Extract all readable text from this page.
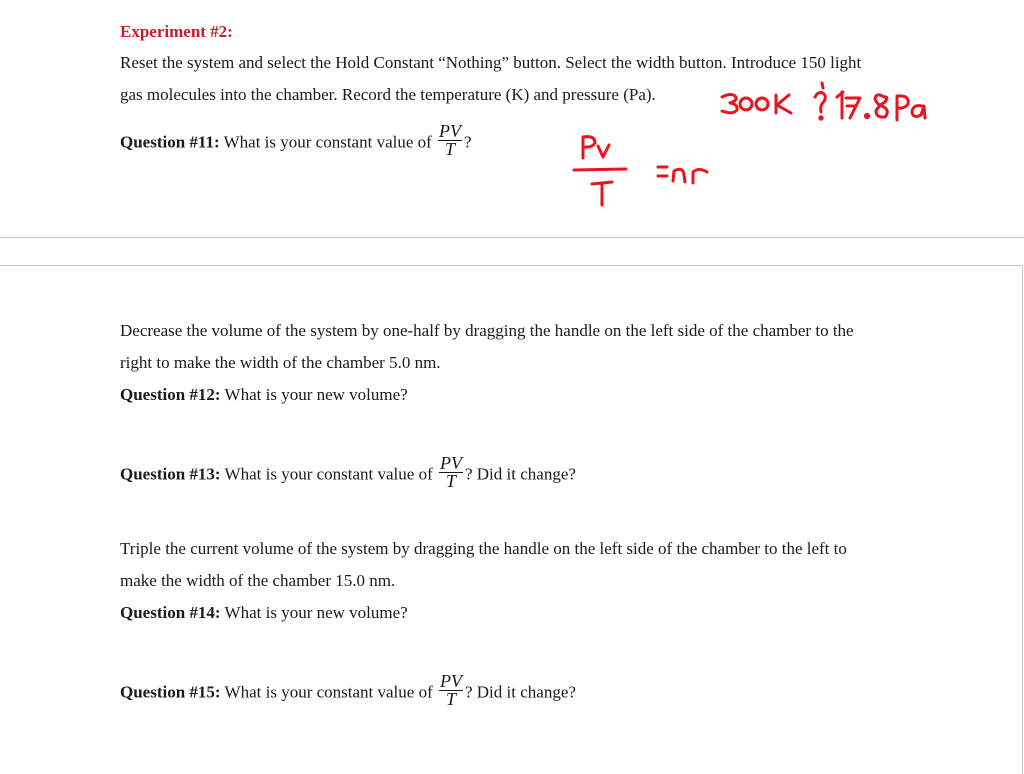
Experiment #2:
Reset the system and select the Hold Constant “Nothing” button. Select the width button. Introduce 150 light
gas molecules into the chamber. Record the temperature (K) and pressure (Pa).
Question #11: What is your constant value of $\frac{PV}{T}$ ?
Decrease the volume of the system by one-half by dragging the handle on the left side of the chamber to the
right to make the width of the chamber 5.0 nm.
Question #12: What is your new volume?
Question #13: What is your constant value of $\frac{PV}{T}$ ? Did it change?
Triple the current volume of the system by dragging the handle on the left side of the chamber to the left to
make the width of the chamber 15.0 nm.
Question #14: What is your new volume?
Question #15: What is your constant value of $\frac{PV}{T}$ ? Did it change?
